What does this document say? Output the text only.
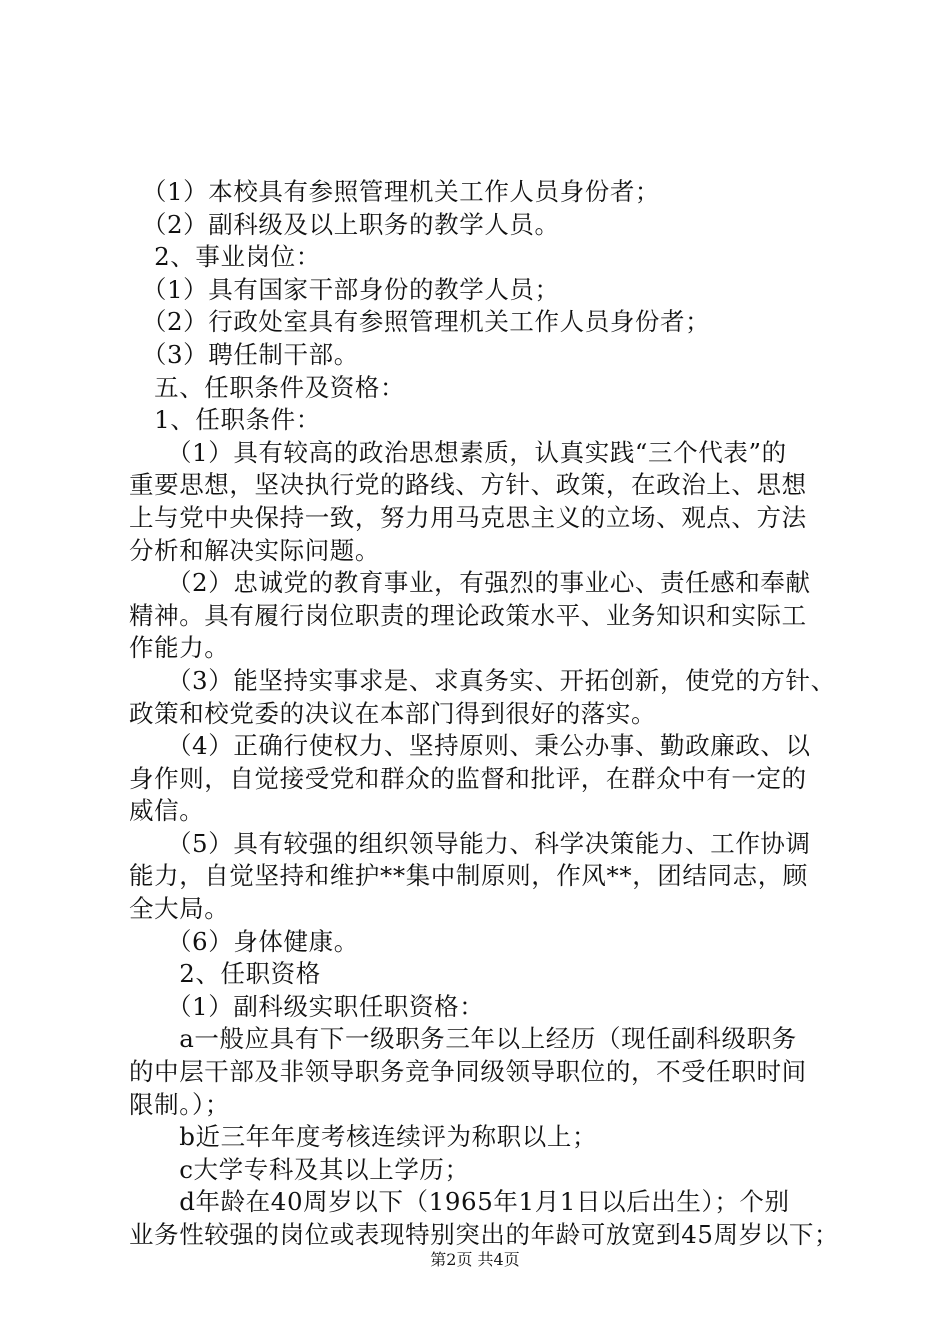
　（1）本校具有参照管理机关工作人员身份者；

　（2）副科级及以上职务的教学人员。

　2、事业岗位：

　（1）具有国家干部身份的教学人员；

　（2）行政处室具有参照管理机关工作人员身份者；

　（3）聘任制干部。

　五、任职条件及资格：

　1、任职条件：

　　（1）具有较高的政治思想素质，认真实践“三个代表”的

重要思想，坚决执行党的路线、方针、政策，在政治上、思想

上与党中央保持一致，努力用马克思主义的立场、观点、方法

分析和解决实际问题。

　　（2）忠诚党的教育事业，有强烈的事业心、责任感和奉献

精神。具有履行岗位职责的理论政策水平、业务知识和实际工

作能力。

　　（3）能坚持实事求是、求真务实、开拓创新，使党的方针、

政策和校党委的决议在本部门得到很好的落实。

　　（4）正确行使权力、坚持原则、秉公办事、勤政廉政、以

身作则，自觉接受党和群众的监督和批评，在群众中有一定的

威信。

　　（5）具有较强的组织领导能力、科学决策能力、工作协调

能力，自觉坚持和维护**集中制原则，作风**，团结同志，顾

全大局。

　　（6）身体健康。

　　2、任职资格

　　（1）副科级实职任职资格：

　　a一般应具有下一级职务三年以上经历（现任副科级职务

的中层干部及非领导职务竞争同级领导职位的，不受任职时间

限制。）；

　　b近三年年度考核连续评为称职以上；

　　c大学专科及其以上学历；

　　d年龄在40周岁以下（1965年1月1日以后出生）；个别

业务性较强的岗位或表现特别突出的年龄可放宽到45周岁以下；

第2页 共4页
